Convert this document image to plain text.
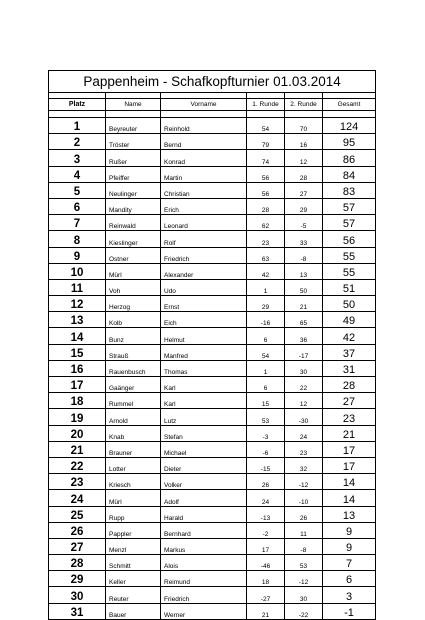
Pappenheim - Schafkopfturnier 01.03.2014					

Platz	Name	Vorname	1. Runde	2. Runde	Gesamt

1	Beyreuter	Reinhold	54	70	124
2	Tröster	Bernd	79	16	95
3	Rußer	Konrad	74	12	86
4	Pfeiffer	Martin	56	28	84
5	Neulinger	Christian	56	27	83
6	Mandity	Erich	28	29	57
7	Reinwald	Leonard	62	-5	57
8	Kieslinger	Rolf	23	33	56
9	Ostner	Friedrich	63	-8	55
10	Mürl	Alexander	42	13	55
11	Voh	Udo	1	50	51
12	Herzog	Ernst	29	21	50
13	Kolb	Eich	-16	65	49
14	Bunz	Helmut	6	36	42
15	Strauß	Manfred	54	-17	37
16	Rauenbusch	Thomas	1	30	31
17	Gaänger	Karl	6	22	28
18	Rummel	Karl	15	12	27
19	Arnold	Lutz	53	-30	23
20	Knab	Stefan	-3	24	21
21	Brauner	Michael	-6	23	17
22	Lotter	Dieter	-15	32	17
23	Kriesch	Volker	26	-12	14
24	Mürl	Adolf	24	-10	14
25	Rupp	Harald	-13	26	13
26	Pappler	Bernhard	-2	11	9
27	Menzl	Markus	17	-8	9
28	Schmitt	Alois	-46	53	7
29	Keller	Reimund	18	-12	6
30	Reuter	Friedrich	-27	30	3
31	Bauer	Werner	21	-22	-1
